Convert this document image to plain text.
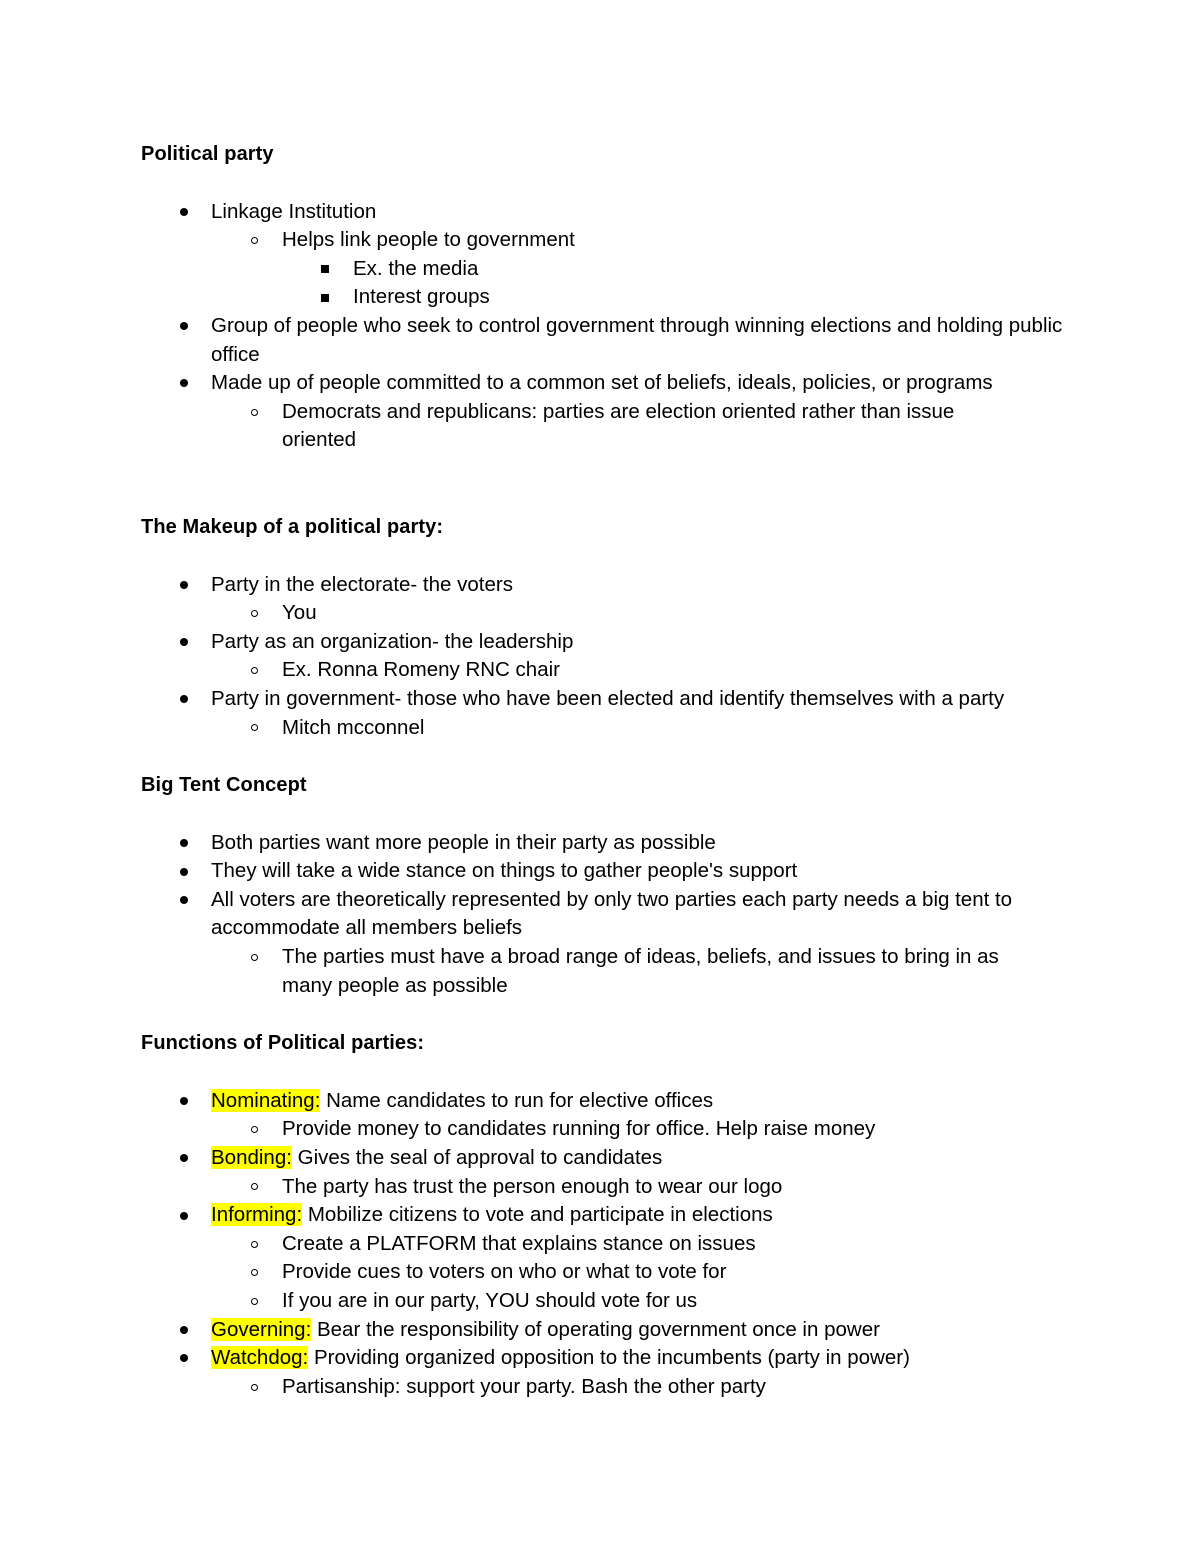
Political party

Linkage Institution
Helps link people to government
Ex. the media
Interest groups
Group of people who seek to control government through winning elections and holding public office
Made up of people committed to a common set of beliefs, ideals, policies, or programs
Democrats and republicans: parties are election oriented rather than issue oriented

The Makeup of a political party:

Party in the electorate- the voters
You
Party as an organization- the leadership
Ex. Ronna Romeny RNC chair
Party in government- those who have been elected and identify themselves with a party
Mitch mcconnel

Big Tent Concept

Both parties want more people in their party as possible
They will take a wide stance on things to gather people's support
All voters are theoretically represented by only two parties each party needs a big tent to accommodate all members beliefs
The parties must have a broad range of ideas, beliefs, and issues to bring in as many people as possible

Functions of Political parties:

Nominating: Name candidates to run for elective offices
Provide money to candidates running for office. Help raise money
Bonding: Gives the seal of approval to candidates
The party has trust the person enough to wear our logo
Informing: Mobilize citizens to vote and participate in elections
Create a PLATFORM that explains stance on issues
Provide cues to voters on who or what to vote for
If you are in our party, YOU should vote for us
Governing: Bear the responsibility of operating government once in power
Watchdog: Providing organized opposition to the incumbents (party in power)
Partisanship: support your party. Bash the other party
